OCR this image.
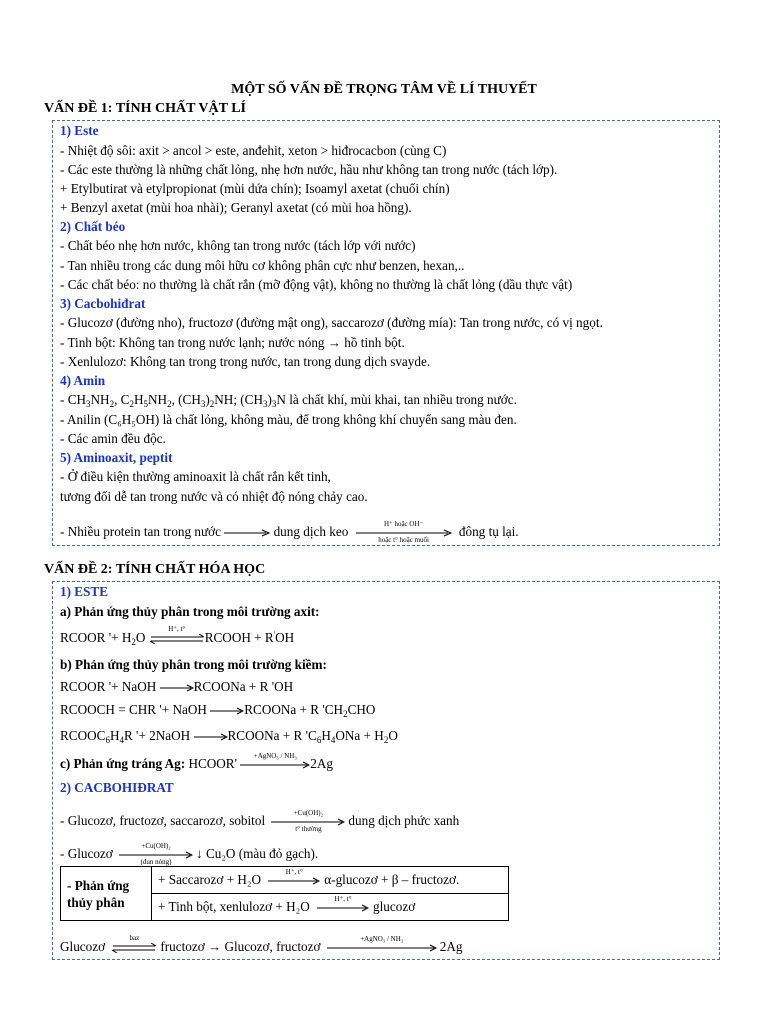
MỘT SỐ VẤN ĐỀ TRỌNG TÂM VỀ LÍ THUYẾT
VẤN ĐỀ 1: TÍNH CHẤT VẬT LÍ
1) Este
- Nhiệt độ sôi: axit > ancol > este, anđehit, xeton > hiđrocacbon (cùng C)
- Các este thường là những chất lỏng, nhẹ hơn nước, hầu như không tan trong nước (tách lớp).
+ Etylbutirat và etylpropionat (mùi dứa chín); Isoamyl axetat (chuối chín)
+ Benzyl axetat (mùi hoa nhài); Geranyl axetat (có mùi hoa hồng).
2) Chất béo
- Chất béo nhẹ hơn nước, không tan trong nước (tách lớp với nước)
- Tan nhiều trong các dung môi hữu cơ không phân cực như benzen, hexan,..
- Các chất béo: no thường là chất rắn (mỡ động vật), không no thường là chất lỏng (dầu thực vật)
3) Cacbohiđrat
- Glucozơ (đường nho), fructozơ (đường mật ong), saccarozơ (đường mía): Tan trong nước, có vị ngọt.
- Tinh bột: Không tan trong nước lạnh; nước nóng → hồ tinh bột.
- Xenlulozơ: Không tan trong trong nước, tan trong dung dịch svayde.
4) Amin
- $CH_3NH_2$, $C_2H_5NH_2$, $(CH_3)_2NH$; $(CH_3)_3N$ là chất khí, mùi khai, tan nhiều trong nước.
- Anilin (C₆H₅OH) là chất lỏng, không màu, để trong không khí chuyển sang màu đen.
- Các amin đều độc.
5) Aminoaxit, peptit
- Ở điều kiện thường aminoaxit là chất rắn kết tinh,
tương đối dễ tan trong nước và có nhiệt độ nóng chảy cao.
- Nhiều protein tan trong nước	dung dịch keo
H⁺ hoặc OH⁻
hoặc t° hoặc muối
đông tụ lại.
VẤN ĐỀ 2: TÍNH CHẤT HÓA HỌC
1) ESTE
a) Phản ứng thủy phân trong môi trường axit:
RCOOR '+ $H_2O$
H⁺, t°
RCOOH + R'OH
b) Phản ứng thủy phân trong môi trường kiềm:
RCOOR '+ NaOH	RCOONa + R 'OH
RCOOCH = CHR '+ NaOH	RCOONa + R '$CH_2CHO$
$RCOOC_6H_4R$ '+ 2NaOH	RCOONa + R '$C_6H_4ONa + H_2O$
c) Phản ứng tráng Ag: HCOOR'
+AgNO₃ / NH₃
2Ag
2) CACBOHIĐRAT
- Glucozơ, fructozơ, saccarozơ, sobitol
+Cu(OH)₂
t° thường
dung dịch phức xanh
- Glucozơ
+Cu(OH)₂
(đun nóng)
↓ Cu₂O (màu đỏ gạch).
- Phản ứng thủy phân	+ Saccarozơ + H₂O
H⁺, t°
α-glucozơ + β – fructozơ.
+ Tinh bột, xenlulozơ + H₂O
H⁺, t°
glucozơ
Glucozơ
baz
fructozơ → Glucozơ, fructozơ
+AgNO₃ / NH₃
2Ag
